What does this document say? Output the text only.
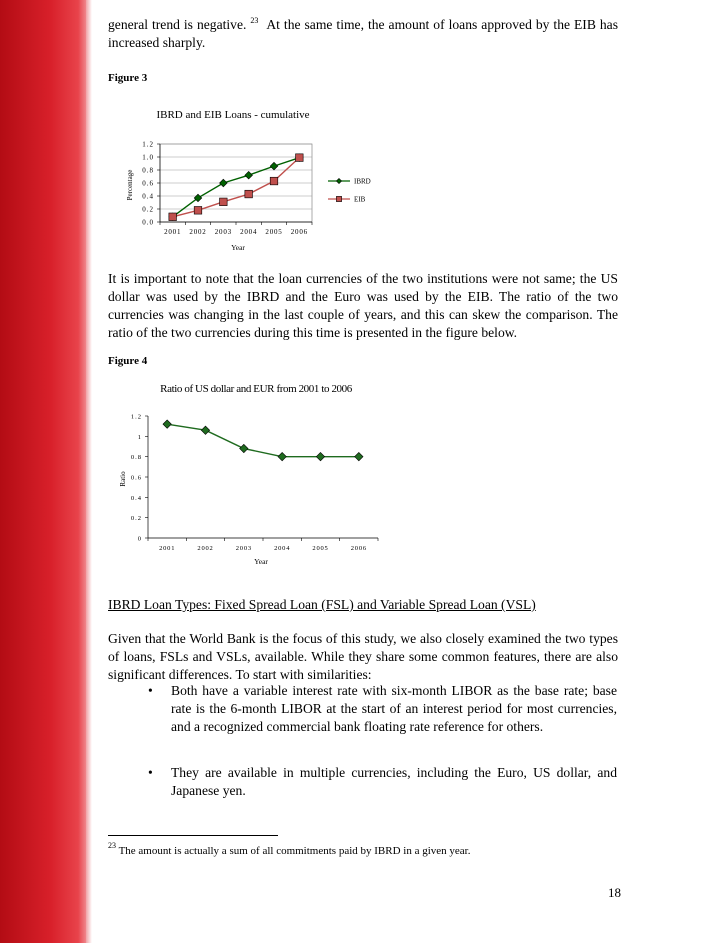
general trend is negative. $^{23}$ At the same time, the amount of loans approved by the EIB has increased sharply.

Figure 3
IBRD and EIB Loans - cumulative
Percentage
Year
0.0
0.2
0.4
0.6
0.8
1.0
1.2
2001 2002 2003 2004 2005 2006
IBRD
EIB

It is important to note that the loan currencies of the two institutions were not same; the US dollar was used by the IBRD and the Euro was used by the EIB. The ratio of the two currencies was changing in the last couple of years, and this can skew the comparison. The ratio of the two currencies during this time is presented in the figure below.

Figure 4
Ratio of US dollar and EUR from 2001 to 2006
Ratio
Year
0
0.2
0.4
0.6
0.8
1
1.2
2001	2002	2003	2004	2005	2006
IBRD Loan Types: Fixed Spread Loan (FSL) and Variable Spread Loan (VSL)

Given that the World Bank is the focus of this study, we also closely examined the two types of loans, FSLs and VSLs, available. While they share some common features, there are also significant differences. To start with similarities:

• Both have a variable interest rate with six-month LIBOR as the base rate; base rate is the 6-month LIBOR at the start of an interest period for most currencies, and a recognized commercial bank floating rate reference for others.
• They are available in multiple currencies, including the Euro, US dollar, and Japanese yen.
$^{23}$ The amount is actually a sum of all commitments paid by IBRD in a given year.
18
